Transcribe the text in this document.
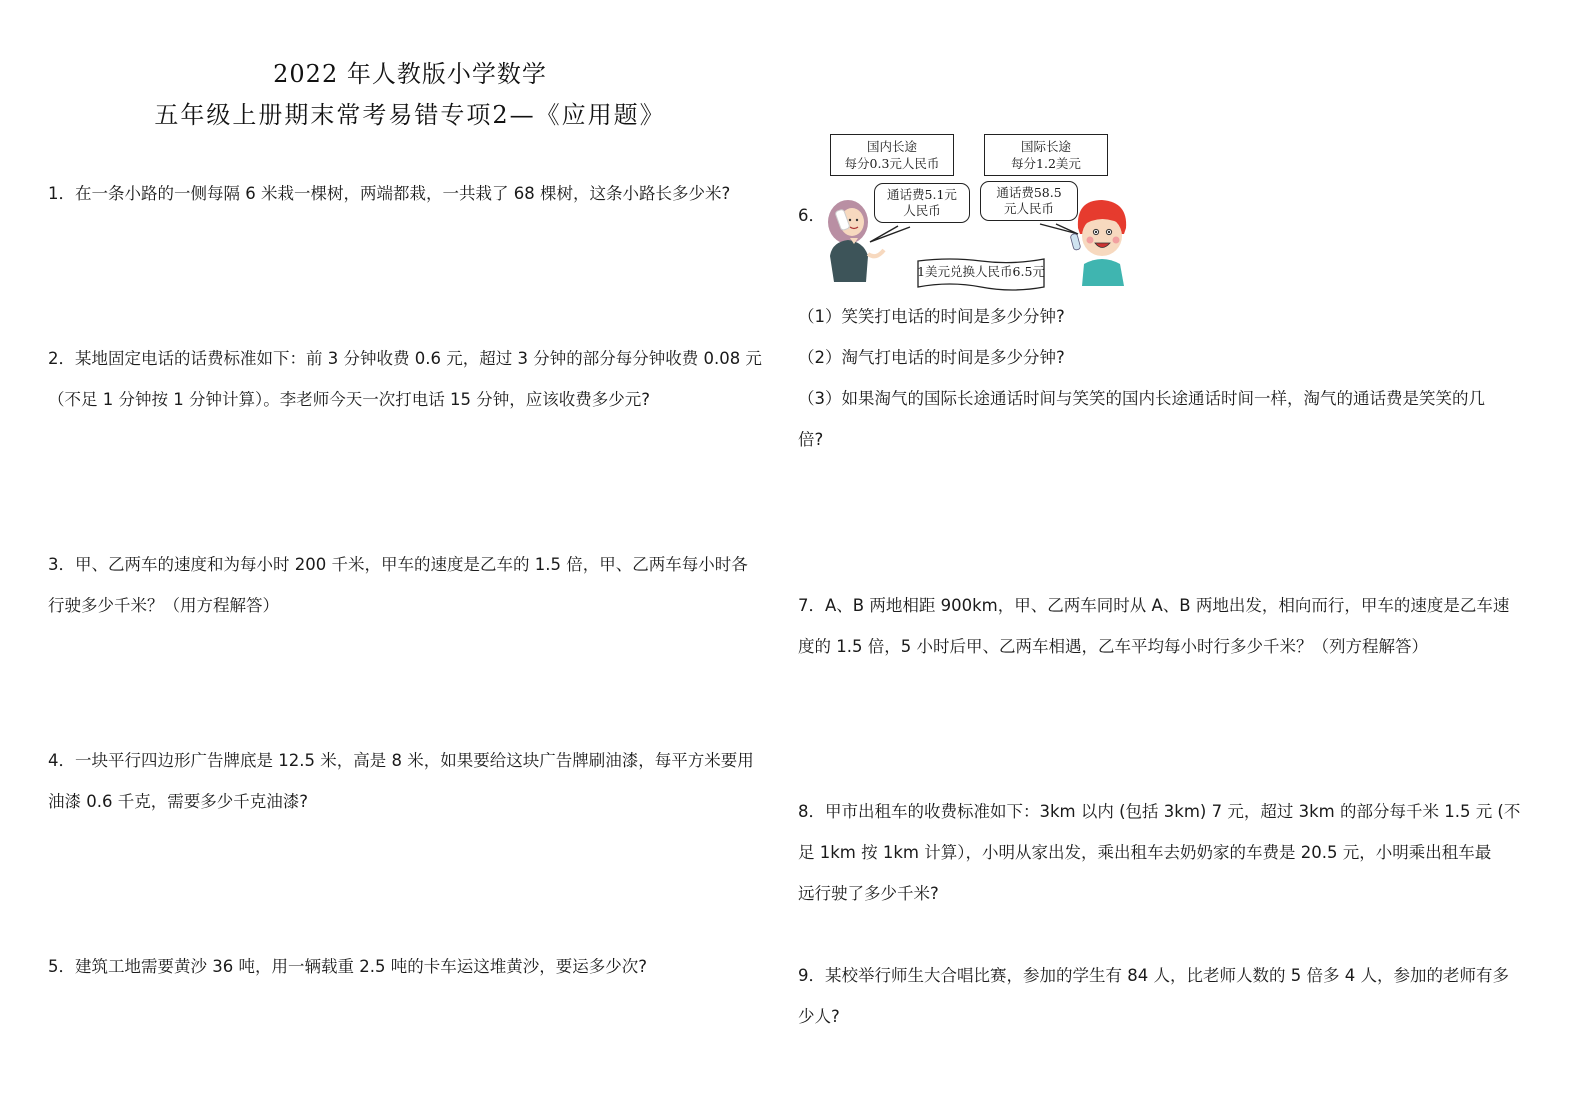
2022 年人教版小学数学
五年级上册期末常考易错专项2—《应用题》
1．在一条小路的一侧每隔 6 米栽一棵树，两端都栽，一共栽了 68 棵树，这条小路长多少米?
2．某地固定电话的话费标准如下：前 3 分钟收费 0.6 元，超过 3 分钟的部分每分钟收费 0.08 元
（不足 1 分钟按 1 分钟计算）。李老师今天一次打电话 15 分钟，应该收费多少元?
3．甲、乙两车的速度和为每小时 200 千米，甲车的速度是乙车的 1.5 倍，甲、乙两车每小时各
行驶多少千米？（用方程解答）
4．一块平行四边形广告牌底是 12.5 米，高是 8 米，如果要给这块广告牌刷油漆，每平方米要用
油漆 0.6 千克，需要多少千克油漆?
5．建筑工地需要黄沙 36 吨，用一辆载重 2.5 吨的卡车运这堆黄沙，要运多少次?
6．
国内长途
每分0.3元人民币
国际长途
每分1.2美元
通话费5.1元
人民币
通话费58.5
元人民币
1美元兑换人民币6.5元
（1）笑笑打电话的时间是多少分钟?
（2）淘气打电话的时间是多少分钟?
（3）如果淘气的国际长途通话时间与笑笑的国内长途通话时间一样，淘气的通话费是笑笑的几
倍?
7．A、B 两地相距 900km，甲、乙两车同时从 A、B 两地出发，相向而行，甲车的速度是乙车速
度的 1.5 倍，5 小时后甲、乙两车相遇，乙车平均每小时行多少千米？（列方程解答）
8．甲市出租车的收费标准如下：3km 以内 (包括 3km) 7 元，超过 3km 的部分每千米 1.5 元 (不
足 1km 按 1km 计算），小明从家出发，乘出租车去奶奶家的车费是 20.5 元，小明乘出租车最
远行驶了多少千米?
9．某校举行师生大合唱比赛，参加的学生有 84 人，比老师人数的 5 倍多 4 人，参加的老师有多
少人?
